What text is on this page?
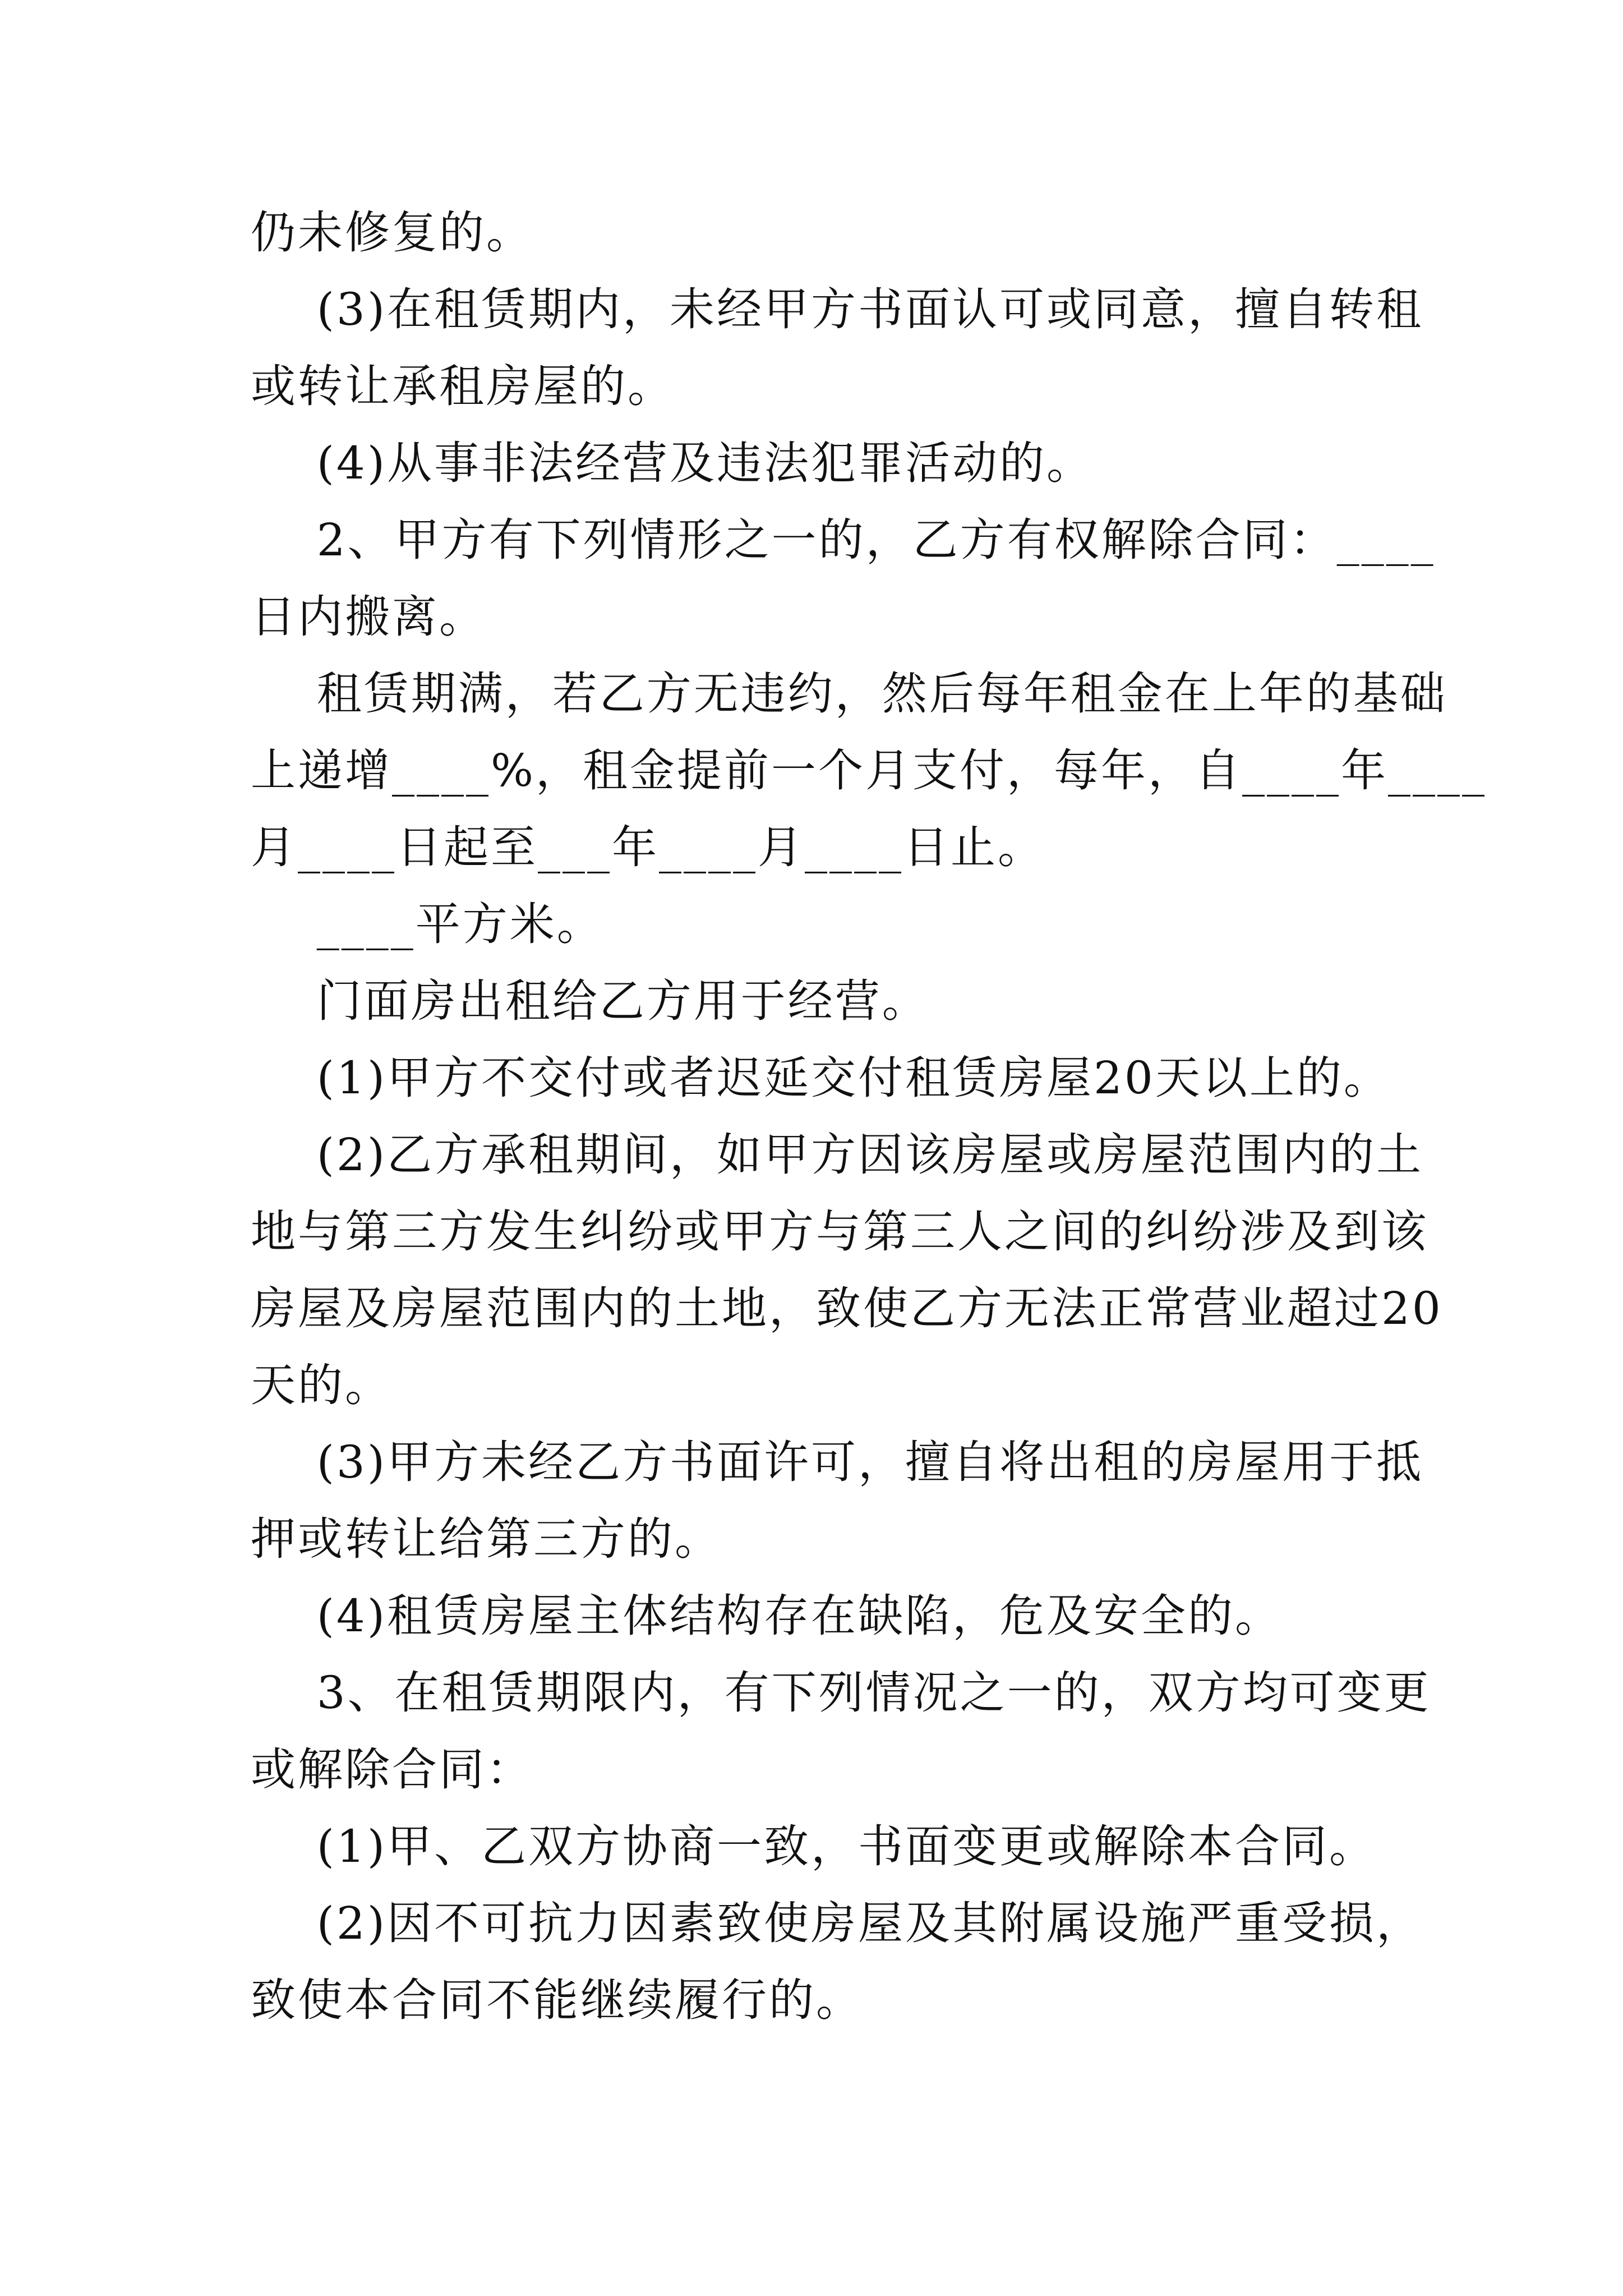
仍未修复的。
(3)在租赁期内，未经甲方书面认可或同意，擅自转租
或转让承租房屋的。
(4)从事非法经营及违法犯罪活动的。
2、甲方有下列情形之一的，乙方有权解除合同：____
日内搬离。
租赁期满，若乙方无违约，然后每年租金在上年的基础
上递增____%，租金提前一个月支付，每年，自____年____
月____日起至___年____月____日止。
____平方米。
门面房出租给乙方用于经营。
(1)甲方不交付或者迟延交付租赁房屋20天以上的。
(2)乙方承租期间，如甲方因该房屋或房屋范围内的土
地与第三方发生纠纷或甲方与第三人之间的纠纷涉及到该
房屋及房屋范围内的土地，致使乙方无法正常营业超过20
天的。
(3)甲方未经乙方书面许可，擅自将出租的房屋用于抵
押或转让给第三方的。
(4)租赁房屋主体结构存在缺陷，危及安全的。
3、在租赁期限内，有下列情况之一的，双方均可变更
或解除合同：
(1)甲、乙双方协商一致，书面变更或解除本合同。
(2)因不可抗力因素致使房屋及其附属设施严重受损，
致使本合同不能继续履行的。
